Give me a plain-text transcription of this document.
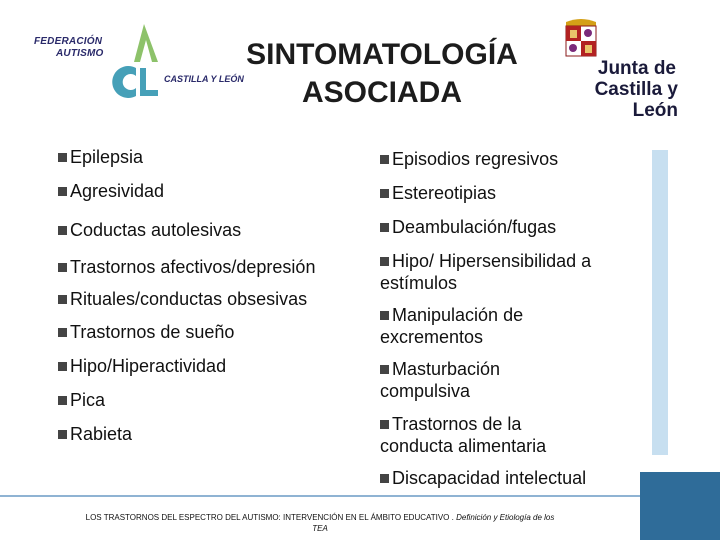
FEDERACIÓN
AUTISMO
CASTILLA Y LEÓN
SINTOMATOLOGÍA
ASOCIADA
Junta de
Castilla y León
Epilepsia
Agresividad
Coductas autolesivas
Trastornos afectivos/depresión
Rituales/conductas obsesivas
Trastornos de sueño
Hipo/Hiperactividad
Pica
Rabieta
Episodios regresivos
Estereotipias
Deambulación/fugas
Hipo/ Hipersensibilidad a
estímulos
Manipulación de
excrementos
Masturbación
compulsiva
Trastornos de la
conducta alimentaria
Discapacidad intelectual
LOS TRASTORNOS DEL ESPECTRO DEL AUTISMO: INTERVENCIÓN EN EL ÁMBITO EDUCATIVO . Definición y Etiología de los
TEA
